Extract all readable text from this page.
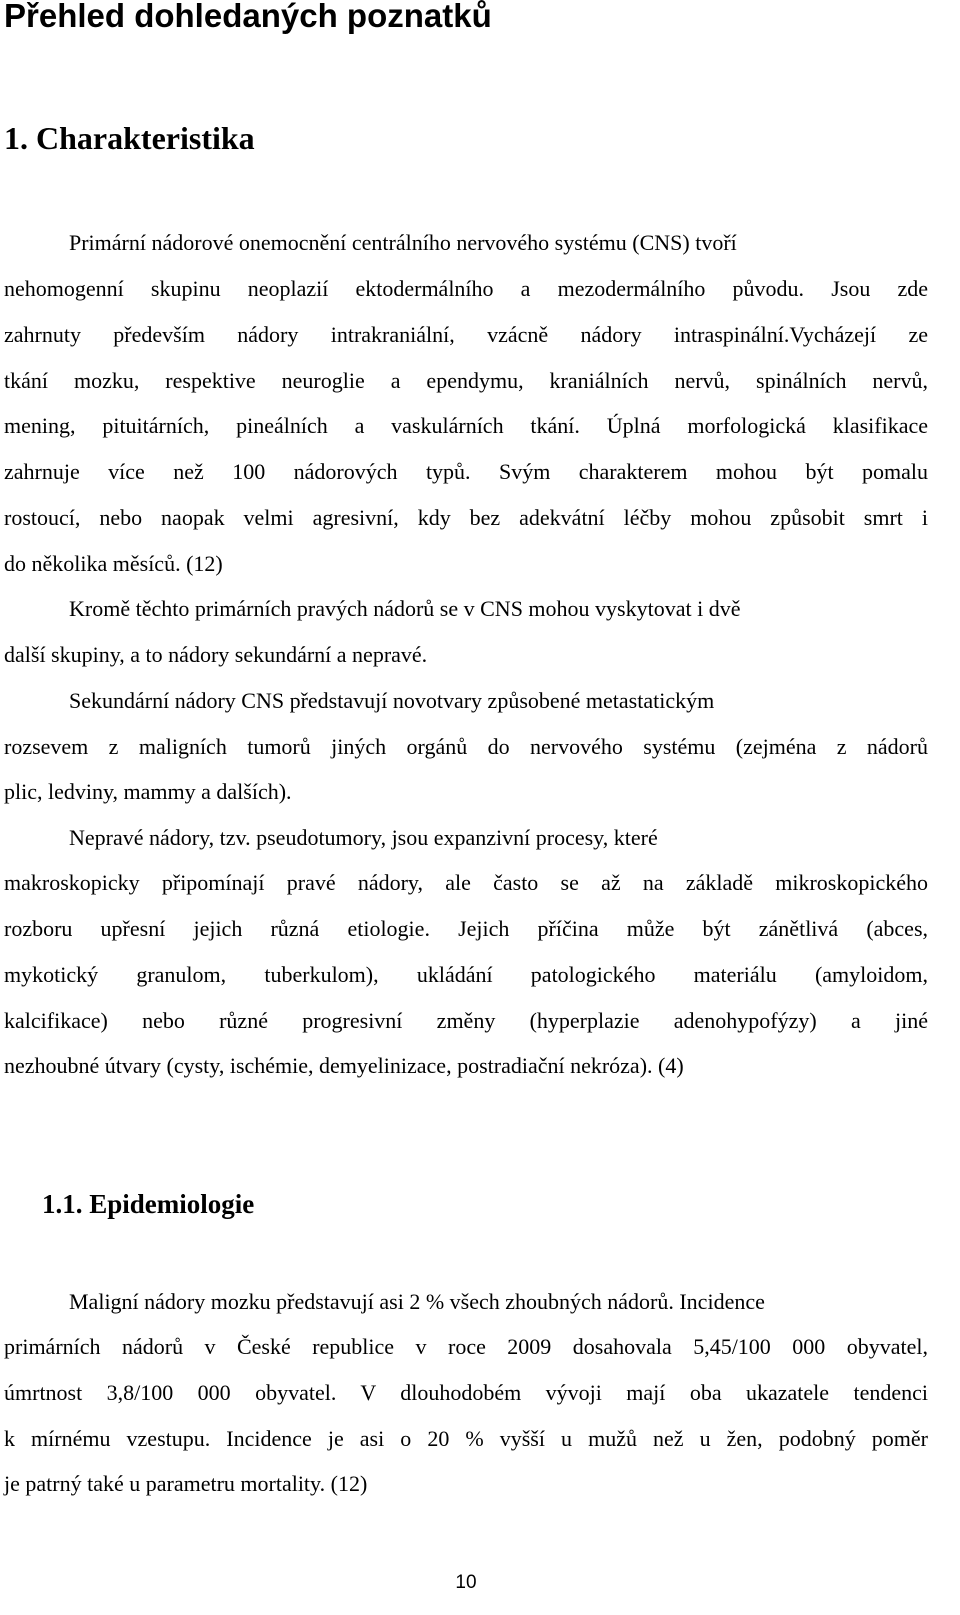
Přehled dohledaných poznatků
1. Charakteristika

Primární nádorové onemocnění centrálního nervového systému (CNS) tvoří

nehomogenní skupinu neoplazií ektodermálního a mezodermálního původu. Jsou zde

zahrnuty především nádory intrakraniální, vzácně nádory intraspinální.Vycházejí ze

tkání mozku, respektive neuroglie a ependymu, kraniálních nervů, spinálních nervů,

mening, pituitárních, pineálních a vaskulárních tkání. Úplná morfologická klasifikace

zahrnuje více než 100 nádorových typů. Svým charakterem mohou být pomalu

rostoucí, nebo naopak velmi agresivní, kdy bez adekvátní léčby mohou způsobit smrt i

do několika měsíců. (12)

Kromě těchto primárních pravých nádorů se v CNS mohou vyskytovat i dvě

další skupiny, a to nádory sekundární a nepravé.

Sekundární nádory CNS představují novotvary způsobené metastatickým

rozsevem z maligních tumorů jiných orgánů do nervového systému (zejména z nádorů

plic, ledviny, mammy a dalších).

Nepravé nádory, tzv. pseudotumory, jsou expanzivní procesy, které

makroskopicky připomínají pravé nádory, ale často se až na základě mikroskopického

rozboru upřesní jejich různá etiologie. Jejich příčina může být zánětlivá (abces,

mykotický granulom, tuberkulom), ukládání patologického materiálu (amyloidom,

kalcifikace) nebo různé progresivní změny (hyperplazie adenohypofýzy) a jiné

nezhoubné útvary (cysty, ischémie, demyelinizace, postradiační nekróza). (4)

1.1. Epidemiologie

Maligní nádory mozku představují asi 2 % všech zhoubných nádorů. Incidence

primárních nádorů v České republice v roce 2009 dosahovala 5,45/100 000 obyvatel,

úmrtnost 3,8/100 000 obyvatel. V dlouhodobém vývoji mají oba ukazatele tendenci

k mírnému vzestupu. Incidence je asi o 20 % vyšší u mužů než u žen, podobný poměr

je patrný také u parametru mortality. (12)

10
